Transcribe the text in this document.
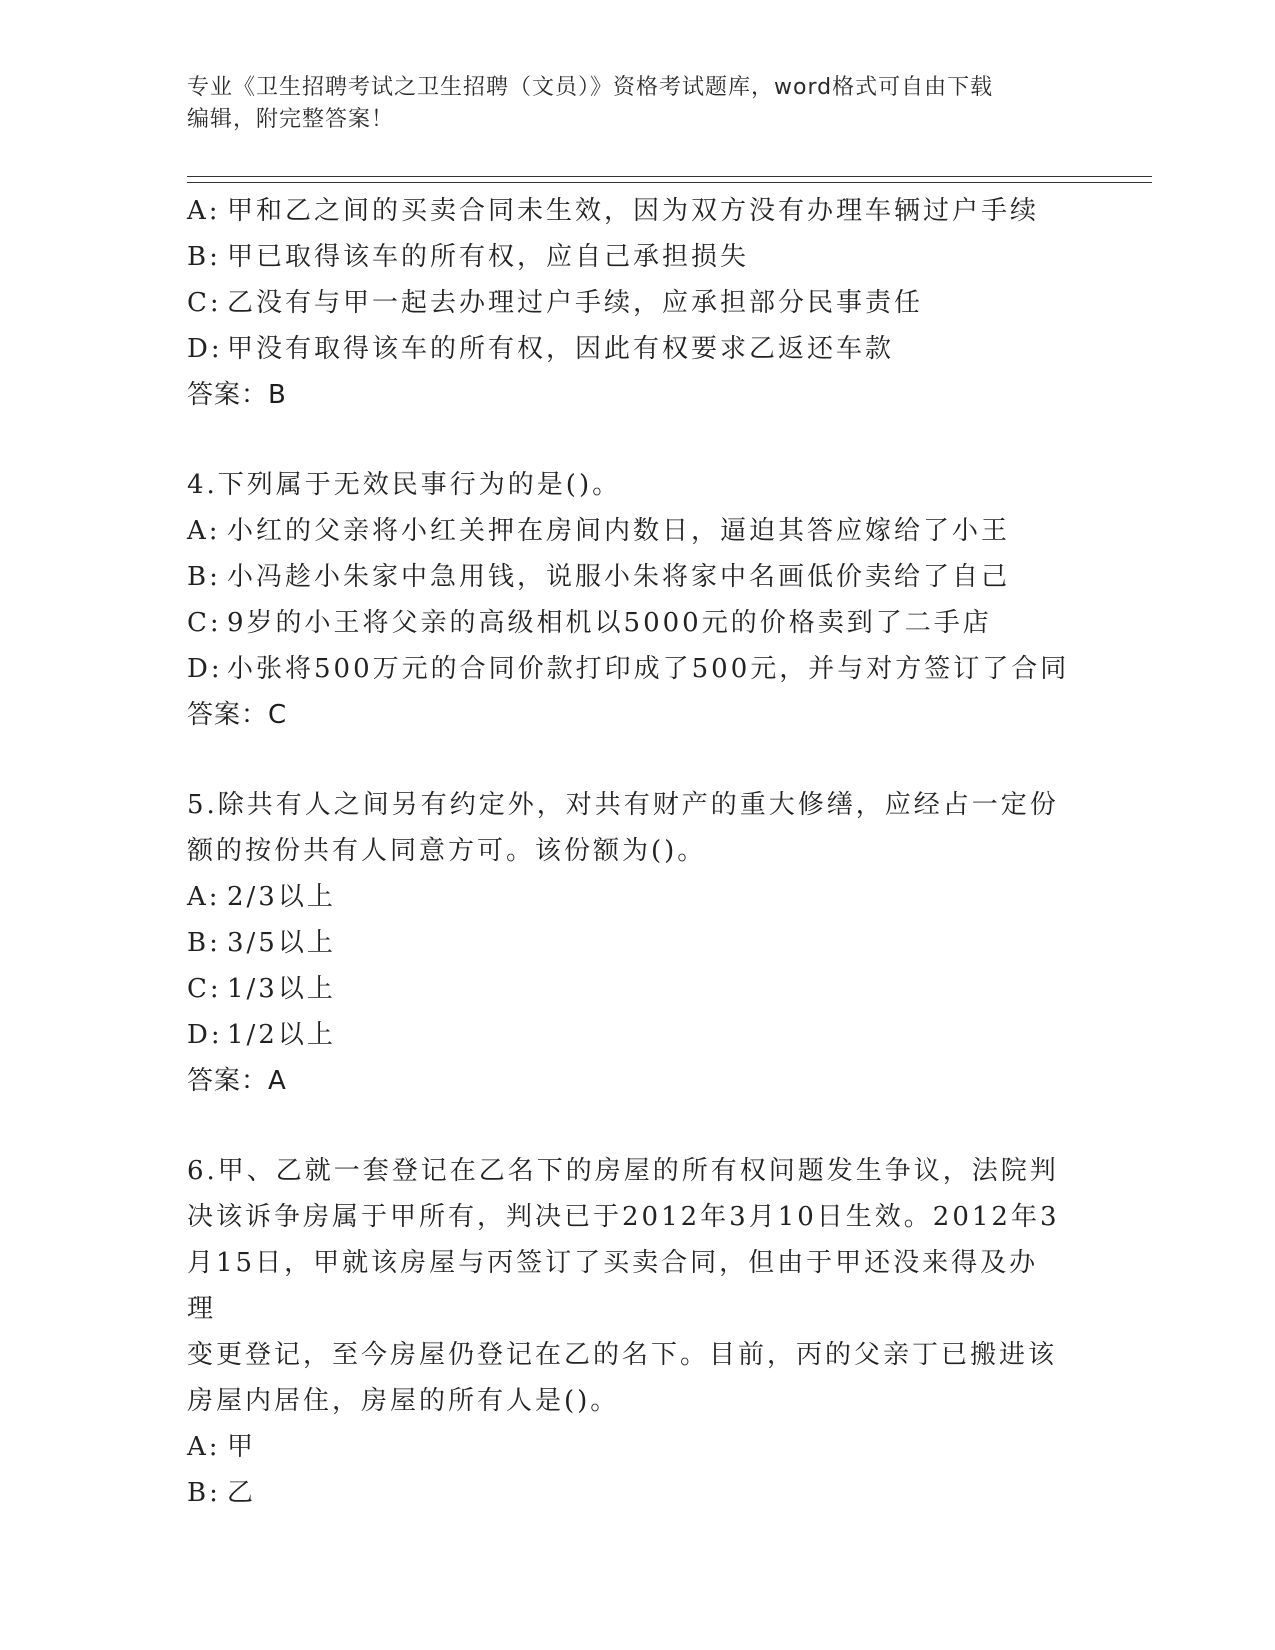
专业《卫生招聘考试之卫生招聘（文员）》资格考试题库，word格式可自由下载
编辑，附完整答案！
A: 甲和乙之间的买卖合同未生效，因为双方没有办理车辆过户手续
B: 甲已取得该车的所有权，应自己承担损失
C: 乙没有与甲一起去办理过户手续，应承担部分民事责任
D: 甲没有取得该车的所有权，因此有权要求乙返还车款
答案：B
4.下列属于无效民事行为的是()。
A: 小红的父亲将小红关押在房间内数日，逼迫其答应嫁给了小王
B: 小冯趁小朱家中急用钱，说服小朱将家中名画低价卖给了自己
C: 9岁的小王将父亲的高级相机以5000元的价格卖到了二手店
D: 小张将500万元的合同价款打印成了500元，并与对方签订了合同
答案：C
5.除共有人之间另有约定外，对共有财产的重大修缮，应经占一定份
额的按份共有人同意方可。该份额为()。
A: 2/3以上
B: 3/5以上
C: 1/3以上
D: 1/2以上
答案：A
6.甲、乙就一套登记在乙名下的房屋的所有权问题发生争议，法院判
决该诉争房属于甲所有，判决已于2012年3月10日生效。2012年3
月15日，甲就该房屋与丙签订了买卖合同，但由于甲还没来得及办理
变更登记，至今房屋仍登记在乙的名下。目前，丙的父亲丁已搬进该
房屋内居住，房屋的所有人是()。
A: 甲
B: 乙
